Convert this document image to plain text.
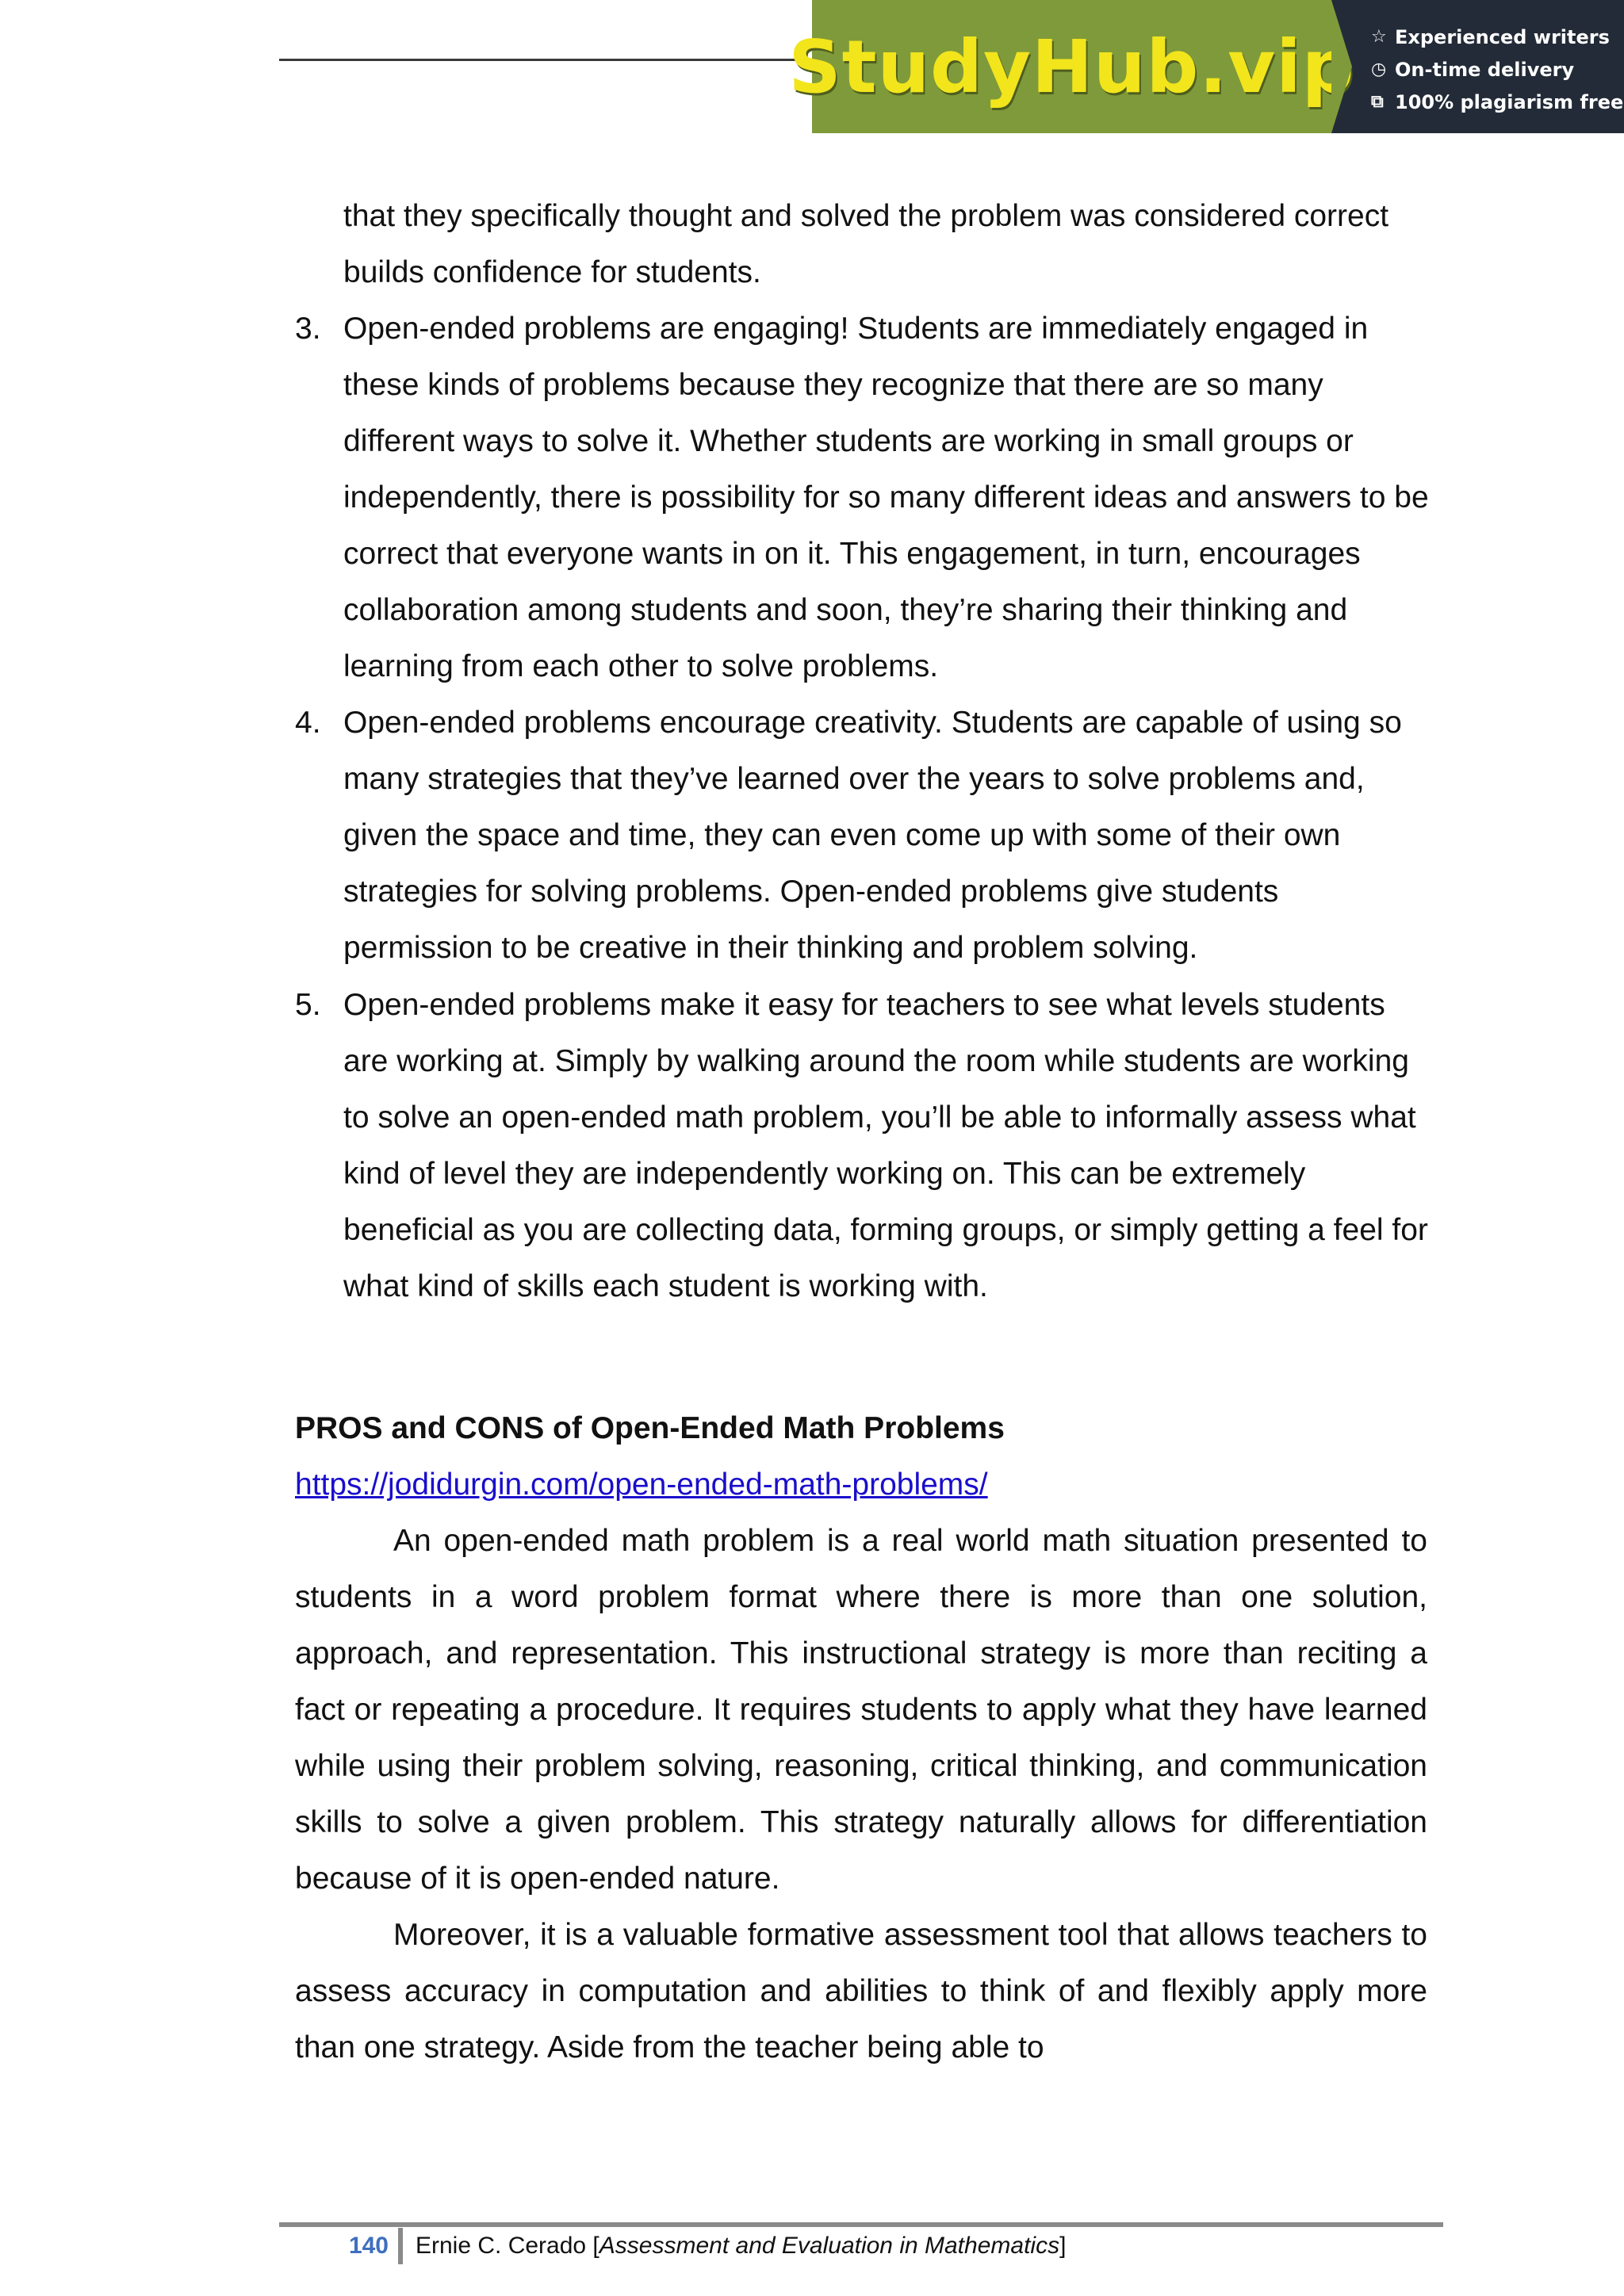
StudyHub.vip ☆ Experienced writers
◷ On-time delivery
⧉ 100% plagiarism free
that they specifically thought and solved the problem was considered correct builds confidence for students.
3. Open-ended problems are engaging! Students are immediately engaged in these kinds of problems because they recognize that there are so many different ways to solve it. Whether students are working in small groups or independently, there is possibility for so many different ideas and answers to be correct that everyone wants in on it. This engagement, in turn, encourages collaboration among students and soon, they’re sharing their thinking and learning from each other to solve problems.
4. Open-ended problems encourage creativity. Students are capable of using so many strategies that they’ve learned over the years to solve problems and, given the space and time, they can even come up with some of their own strategies for solving problems. Open-ended problems give students permission to be creative in their thinking and problem solving.
5. Open-ended problems make it easy for teachers to see what levels students are working at. Simply by walking around the room while students are working to solve an open-ended math problem, you’ll be able to informally assess what kind of level they are independently working on. This can be extremely beneficial as you are collecting data, forming groups, or simply getting a feel for what kind of skills each student is working with.
PROS and CONS of Open-Ended Math Problems
https://jodidurgin.com/open-ended-math-problems/
An open-ended math problem is a real world math situation presented to students in a word problem format where there is more than one solution, approach, and representation. This instructional strategy is more than reciting a fact or repeating a procedure. It requires students to apply what they have learned while using their problem solving, reasoning, critical thinking, and communication skills to solve a given problem. This strategy naturally allows for differentiation because of it is open-ended nature.
Moreover, it is a valuable formative assessment tool that allows teachers to assess accuracy in computation and abilities to think of and flexibly apply more than one strategy. Aside from the teacher being able to
140	Ernie C. Cerado [Assessment and Evaluation in Mathematics]
